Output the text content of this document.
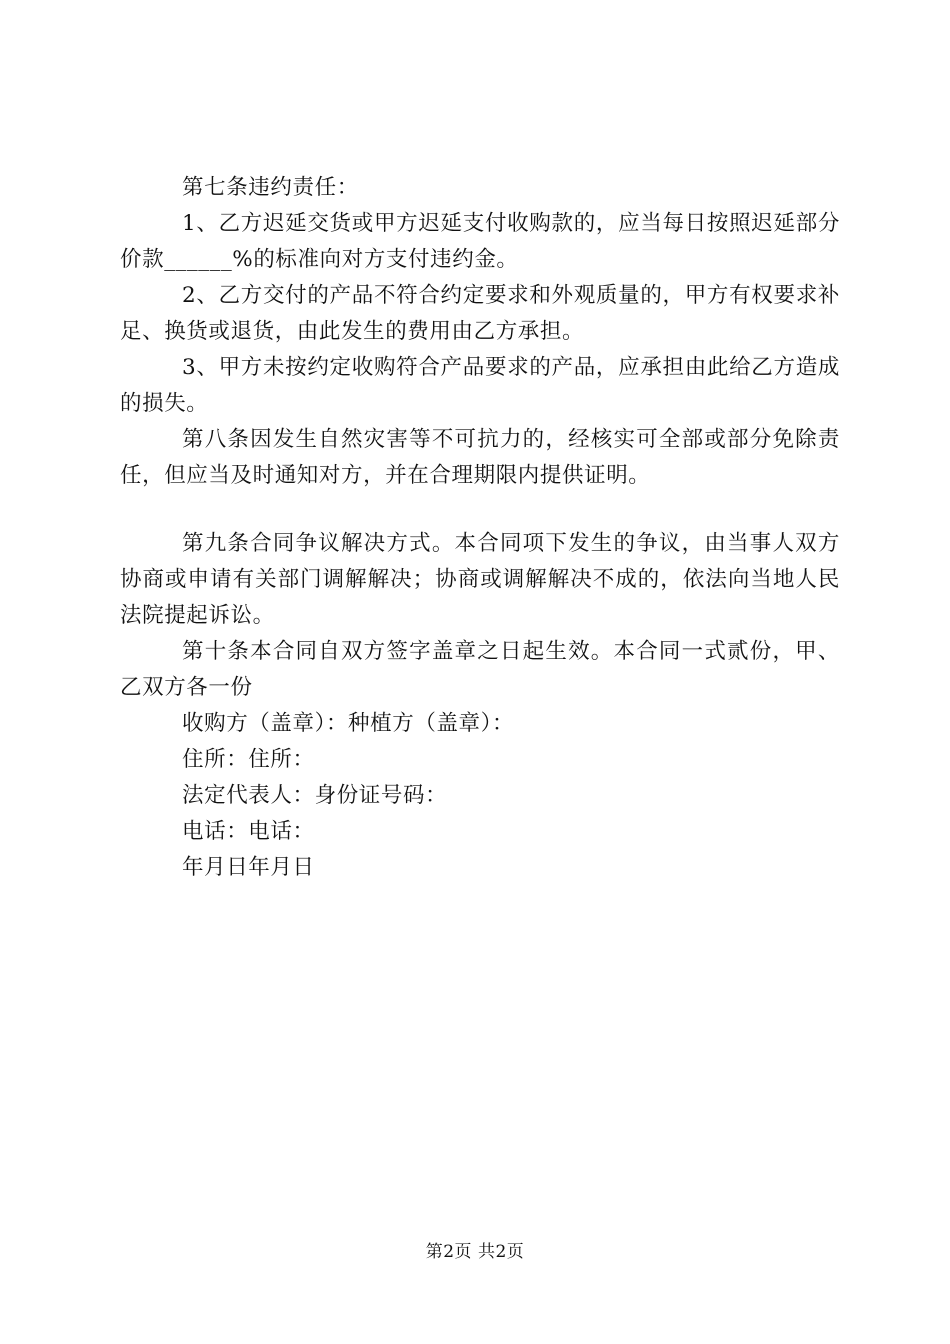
第七条违约责任：

1、乙方迟延交货或甲方迟延支付收购款的，应当每日按照迟延部分价款______%的标准向对方支付违约金。

2、乙方交付的产品不符合约定要求和外观质量的，甲方有权要求补足、换货或退货，由此发生的费用由乙方承担。

3、甲方未按约定收购符合产品要求的产品，应承担由此给乙方造成的损失。

第八条因发生自然灾害等不可抗力的，经核实可全部或部分免除责任，但应当及时通知对方，并在合理期限内提供证明。

第九条合同争议解决方式。本合同项下发生的争议，由当事人双方协商或申请有关部门调解解决；协商或调解解决不成的，依法向当地人民法院提起诉讼。

第十条本合同自双方签字盖章之日起生效。本合同一式贰份，甲、乙双方各一份

收购方（盖章）：种植方（盖章）：

住所：住所：

法定代表人：身份证号码：

电话：电话：

年月日年月日

第2页 共2页
